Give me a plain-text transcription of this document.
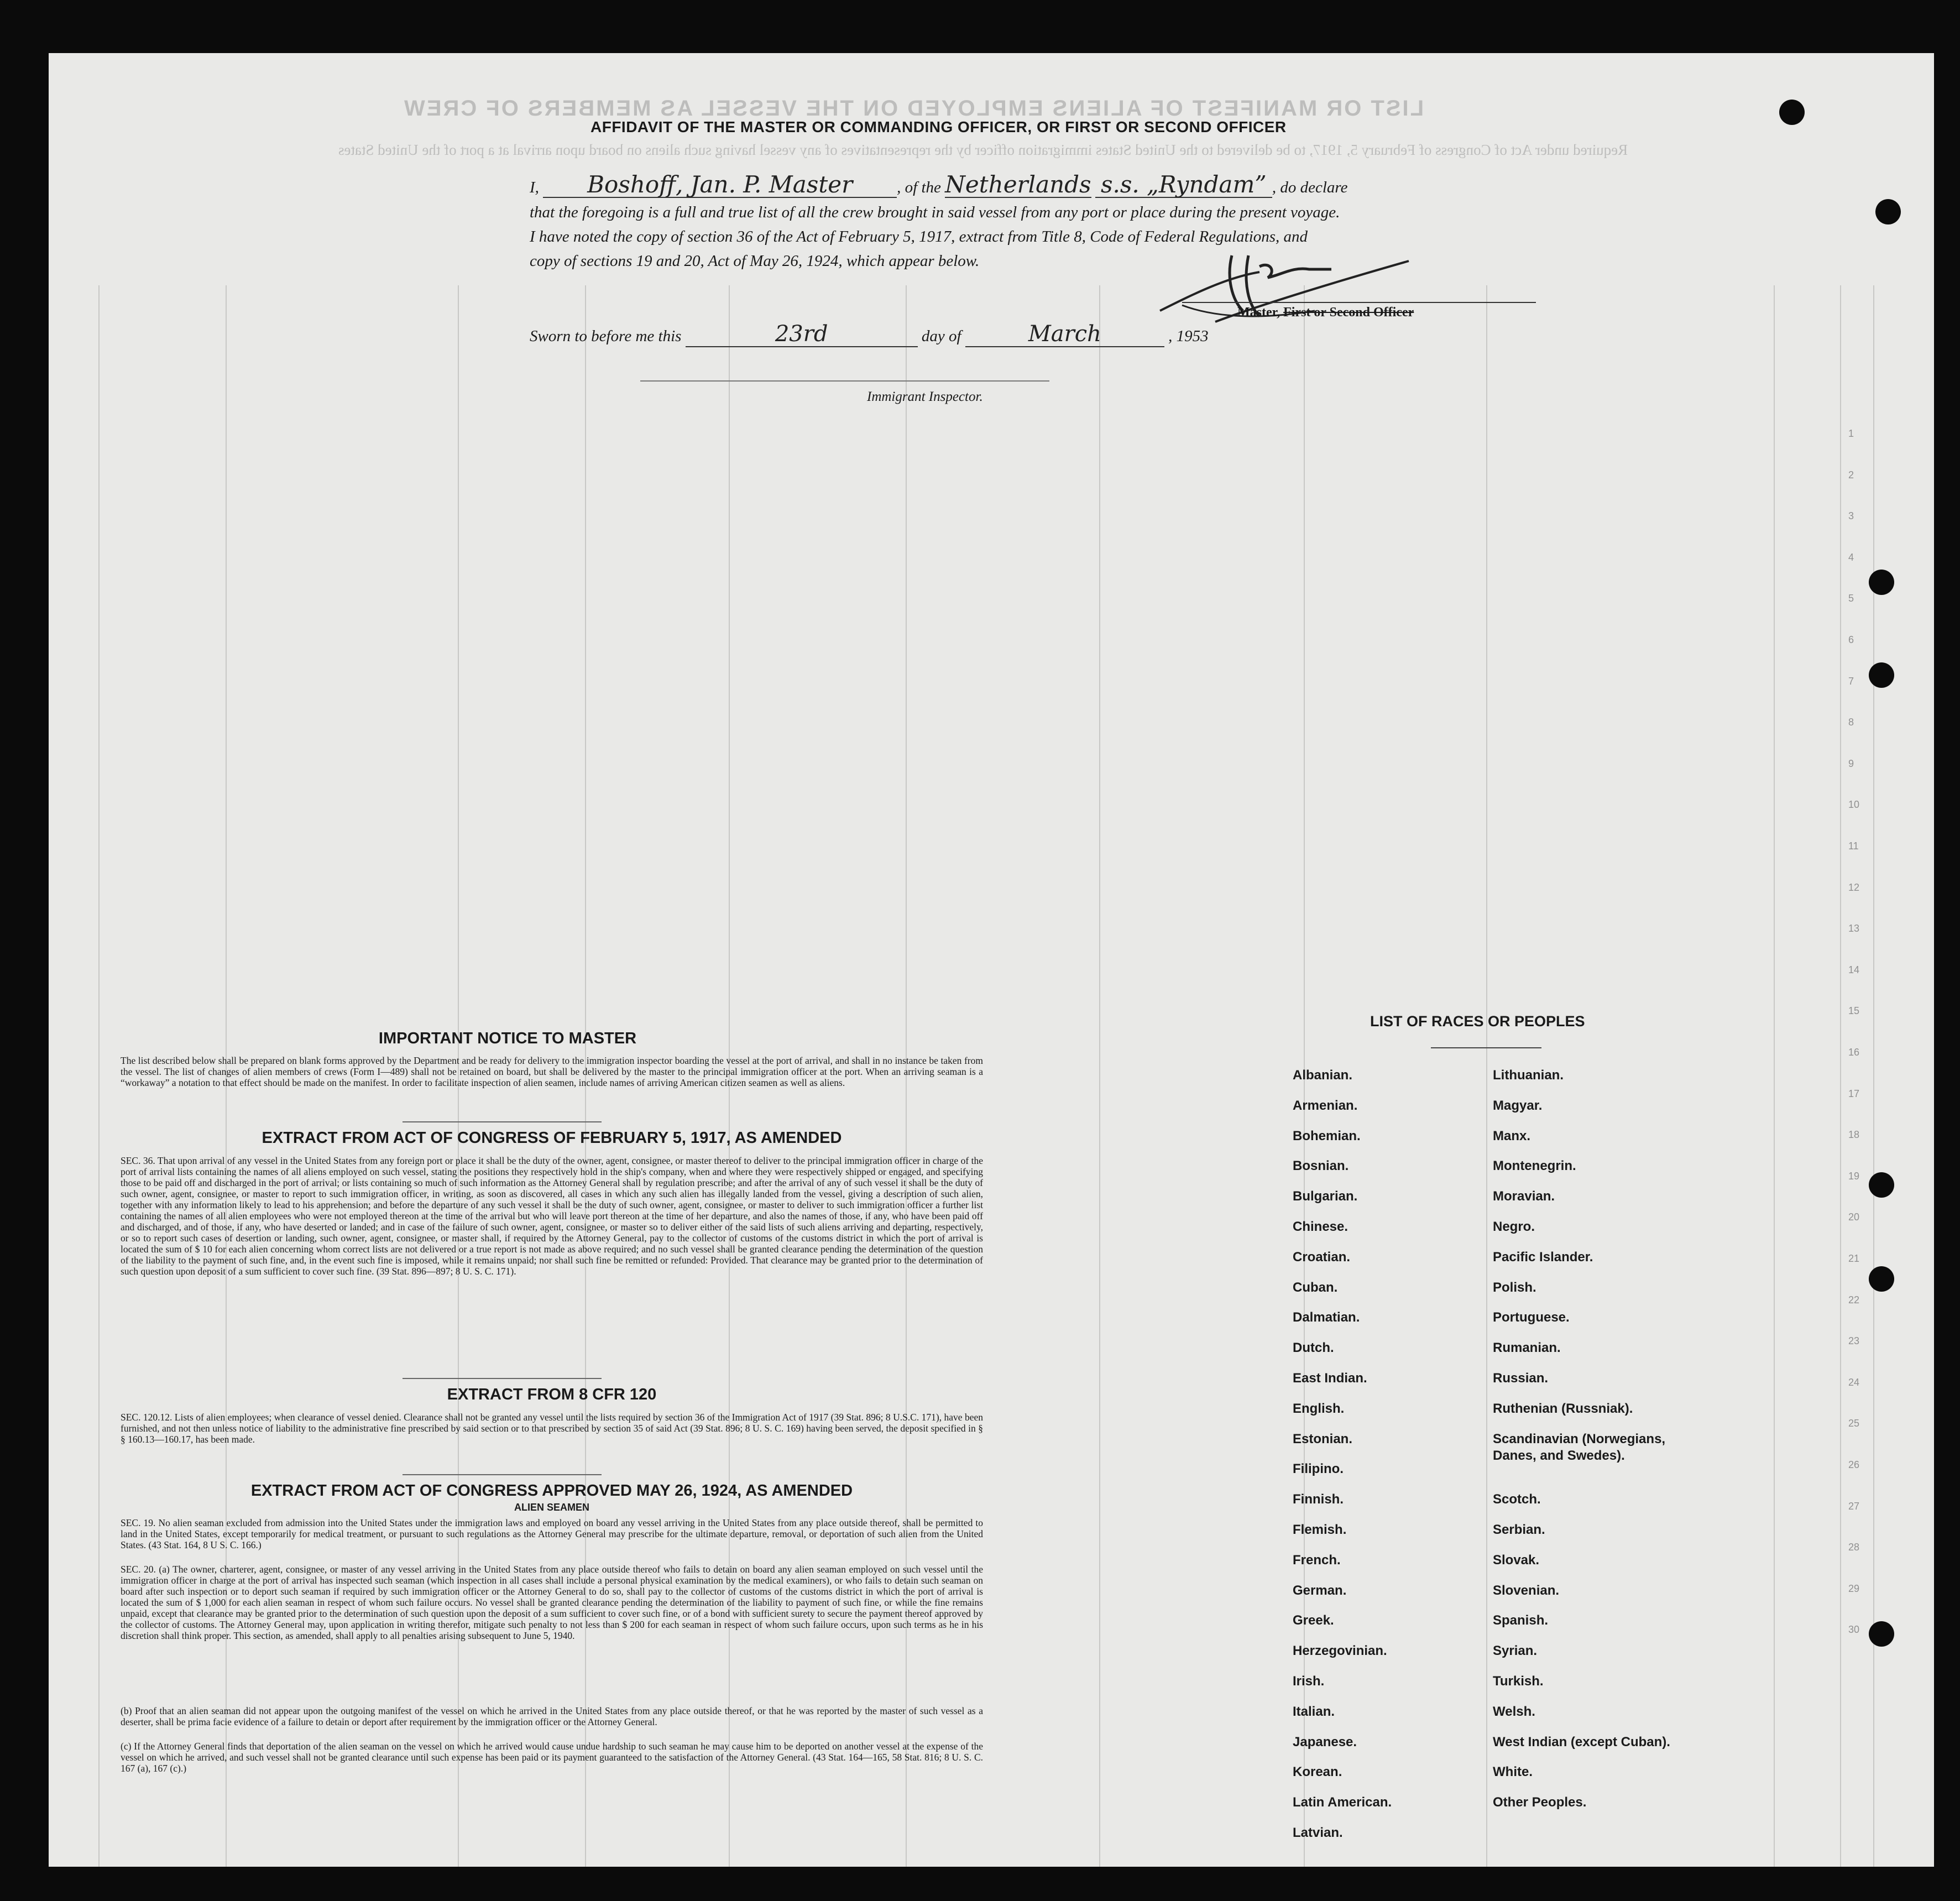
LIST OR MANIFEST OF ALIENS EMPLOYED ON THE VESSEL AS MEMBERS OF CREW
Required under Act of Congress of February 5, 1917, to be delivered to the United States immigration officer by the representatives of any vessel having such aliens on board upon arrival at a port of the United States
1
2
3
4
5
6
7
8
9
10
11
12
13
14
15
16
17
18
19
20
21
22
23
24
25
26
27
28
29
30
AFFIDAVIT OF THE MASTER OR COMMANDING OFFICER, OR FIRST OR SECOND OFFICER
I, Boshoff, Jan. P. Master	, of the Netherlands s.s. „Ryndam” , do declare
that the foregoing is a full and true list of all the crew brought in said vessel from any port or place during the present voyage.
I have noted the copy of section 36 of the Act of February 5, 1917, extract from Title 8, Code of Federal Regulations, and
copy of sections 19 and 20, Act of May 26, 1924, which appear below.
Master, First or Second Officer
Sworn to before me this	23rd	day of	March	, 1953
Immigrant Inspector.
IMPORTANT NOTICE TO MASTER
The list described below shall be prepared on blank forms approved by the Department and be ready for delivery to the immigration inspector boarding the vessel at the port of arrival, and shall in no instance be taken from the vessel. The list of changes of alien members of crews (Form I—489) shall not be retained on board, but shall be delivered by the master to the principal immigration officer at the port. When an arriving seaman is a “workaway” a notation to that effect should be made on the manifest. In order to facilitate inspection of alien seamen, include names of arriving American citizen seamen as well as aliens.
EXTRACT FROM ACT OF CONGRESS OF FEBRUARY 5, 1917, AS AMENDED
SEC. 36. That upon arrival of any vessel in the United States from any foreign port or place it shall be the duty of the owner, agent, consignee, or master thereof to deliver to the principal immigration officer in charge of the port of arrival lists containing the names of all aliens employed on such vessel, stating the positions they respectively hold in the ship's company, when and where they were respectively shipped or engaged, and specifying those to be paid off and discharged in the port of arrival; or lists containing so much of such information as the Attorney General shall by regulation prescribe; and after the arrival of any of such vessel it shall be the duty of such owner, agent, consignee, or master to report to such immigration officer, in writing, as soon as discovered, all cases in which any such alien has illegally landed from the vessel, giving a description of such alien, together with any information likely to lead to his apprehension; and before the departure of any such vessel it shall be the duty of such owner, agent, consignee, or master to deliver to such immigration officer a further list containing the names of all alien employees who were not employed thereon at the time of the arrival but who will leave port thereon at the time of her departure, and also the names of those, if any, who have been paid off and discharged, and of those, if any, who have deserted or landed; and in case of the failure of such owner, agent, consignee, or master so to deliver either of the said lists of such aliens arriving and departing, respectively, or so to report such cases of desertion or landing, such owner, agent, consignee, or master shall, if required by the Attorney General, pay to the collector of customs of the customs district in which the port of arrival is located the sum of $ 10 for each alien concerning whom correct lists are not delivered or a true report is not made as above required; and no such vessel shall be granted clearance pending the determination of the question of the liability to the payment of such fine, and, in the event such fine is imposed, while it remains unpaid; nor shall such fine be remitted or refunded: Provided. That clearance may be granted prior to the determination of such question upon deposit of a sum sufficient to cover such fine. (39 Stat. 896—897; 8 U. S. C. 171).
EXTRACT FROM 8 CFR 120
SEC. 120.12. Lists of alien employees; when clearance of vessel denied. Clearance shall not be granted any vessel until the lists required by section 36 of the Immigration Act of 1917 (39 Stat. 896; 8 U.S.C. 171), have been furnished, and not then unless notice of liability to the administrative fine prescribed by said section or to that prescribed by section 35 of said Act (39 Stat. 896; 8 U. S. C. 169) having been served, the deposit specified in § § 160.13—160.17, has been made.
EXTRACT FROM ACT OF CONGRESS APPROVED MAY 26, 1924, AS AMENDED
ALIEN SEAMEN
SEC. 19. No alien seaman excluded from admission into the United States under the immigration laws and employed on board any vessel arriving in the United States from any place outside thereof, shall be permitted to land in the United States, except temporarily for medical treatment, or pursuant to such regulations as the Attorney General may prescribe for the ultimate departure, removal, or deportation of such alien from the United States. (43 Stat. 164, 8 U S. C. 166.)
SEC. 20. (a) The owner, charterer, agent, consignee, or master of any vessel arriving in the United States from any place outside thereof who fails to detain on board any alien seaman employed on such vessel until the immigration officer in charge at the port of arrival has inspected such seaman (which inspection in all cases shall include a personal physical examination by the medical examiners), or who fails to detain such seaman on board after such inspection or to deport such seaman if required by such immigration officer or the Attorney General to do so, shall pay to the collector of customs of the customs district in which the port of arrival is located the sum of $ 1,000 for each alien seaman in respect of whom such failure occurs. No vessel shall be granted clearance pending the determination of the liability to payment of such fine, or while the fine remains unpaid, except that clearance may be granted prior to the determination of such question upon the deposit of a sum sufficient to cover such fine, or of a bond with sufficient surety to secure the payment thereof approved by the collector of customs. The Attorney General may, upon application in writing therefor, mitigate such penalty to not less than $ 200 for each seaman in respect of whom such failure occurs, upon such terms as he in his discretion shall think proper. This section, as amended, shall apply to all penalties arising subsequent to June 5, 1940.
(b) Proof that an alien seaman did not appear upon the outgoing manifest of the vessel on which he arrived in the United States from any place outside thereof, or that he was reported by the master of such vessel as a deserter, shall be prima facie evidence of a failure to detain or deport after requirement by the immigration officer or the Attorney General.
(c) If the Attorney General finds that deportation of the alien seaman on the vessel on which he arrived would cause undue hardship to such seaman he may cause him to be deported on another vessel at the expense of the vessel on which he arrived, and such vessel shall not be granted clearance until such expense has been paid or its payment guaranteed to the satisfaction of the Attorney General. (43 Stat. 164—165, 58 Stat. 816; 8 U. S. C. 167 (a), 167 (c).)
LIST OF RACES OR PEOPLES
Albanian.
Armenian.
Bohemian.
Bosnian.
Bulgarian.
Chinese.
Croatian.
Cuban.
Dalmatian.
Dutch.
East Indian.
English.
Estonian.
Filipino.
Finnish.
Flemish.
French.
German.
Greek.
Herzegovinian.
Irish.
Italian.
Japanese.
Korean.
Latin American.
Latvian.
Lithuanian.
Magyar.
Manx.
Montenegrin.
Moravian.
Negro.
Pacific Islander.
Polish.
Portuguese.
Rumanian.
Russian.
Ruthenian (Russniak).
Scandinavian (Norwegians, Danes, and Swedes).
Scotch.
Serbian.
Slovak.
Slovenian.
Spanish.
Syrian.
Turkish.
Welsh.
West Indian (except Cuban).
White.
Other Peoples.
